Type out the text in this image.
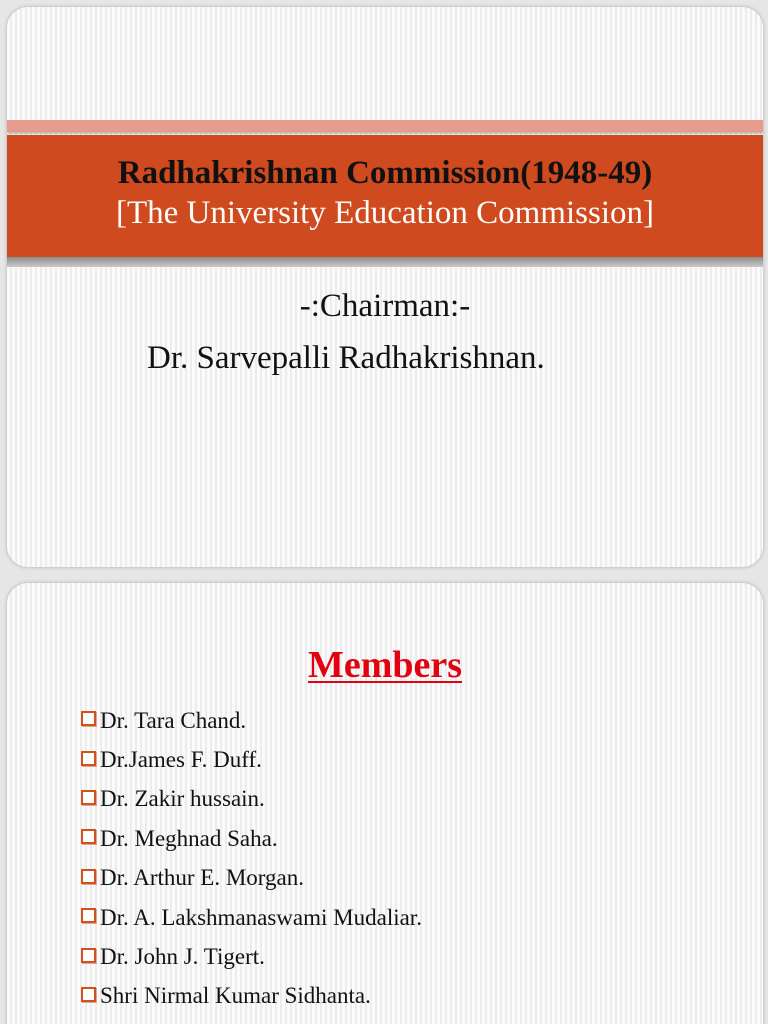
Radhakrishnan Commission(1948-49)
[The University Education Commission]
-:Chairman:-
Dr. Sarvepalli Radhakrishnan.
Members
Dr. Tara Chand.
Dr.James F. Duff.
Dr. Zakir hussain.
Dr. Meghnad Saha.
Dr. Arthur E. Morgan.
Dr. A. Lakshmanaswami Mudaliar.
Dr. John J. Tigert.
Shri Nirmal Kumar Sidhanta.
